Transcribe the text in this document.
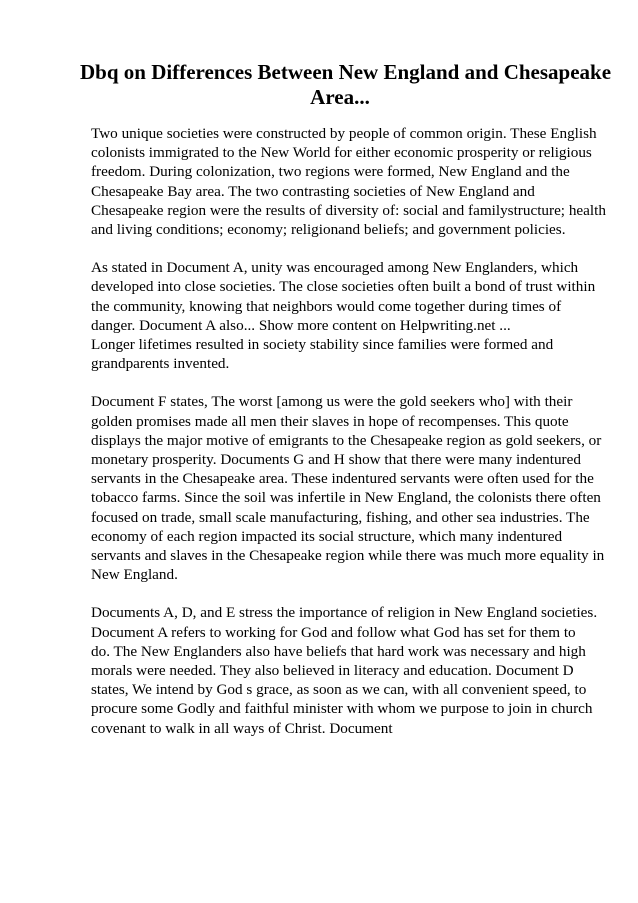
Dbq on Differences Between New England and Chesapeake
Area...
Two unique societies were constructed by people of common origin. These English
colonists immigrated to the New World for either economic prosperity or religious
freedom. During colonization, two regions were formed, New England and the
Chesapeake Bay area. The two contrasting societies of New England and
Chesapeake region were the results of diversity of: social and familystructure; health
and living conditions; economy; religionand beliefs; and government policies.
As stated in Document A, unity was encouraged among New Englanders, which
developed into close societies. The close societies often built a bond of trust within
the community, knowing that neighbors would come together during times of
danger. Document A also... Show more content on Helpwriting.net ...
Longer lifetimes resulted in society stability since families were formed and
grandparents invented.
Document F states, The worst [among us were the gold seekers who] with their
golden promises made all men their slaves in hope of recompenses. This quote
displays the major motive of emigrants to the Chesapeake region as gold seekers, or
monetary prosperity. Documents G and H show that there were many indentured
servants in the Chesapeake area. These indentured servants were often used for the
tobacco farms. Since the soil was infertile in New England, the colonists there often
focused on trade, small scale manufacturing, fishing, and other sea industries. The
economy of each region impacted its social structure, which many indentured
servants and slaves in the Chesapeake region while there was much more equality in
New England.
Documents A, D, and E stress the importance of religion in New England societies.
Document A refers to working for God and follow what God has set for them to
do. The New Englanders also have beliefs that hard work was necessary and high
morals were needed. They also believed in literacy and education. Document D
states, We intend by God s grace, as soon as we can, with all convenient speed, to
procure some Godly and faithful minister with whom we purpose to join in church
covenant to walk in all ways of Christ. Document
